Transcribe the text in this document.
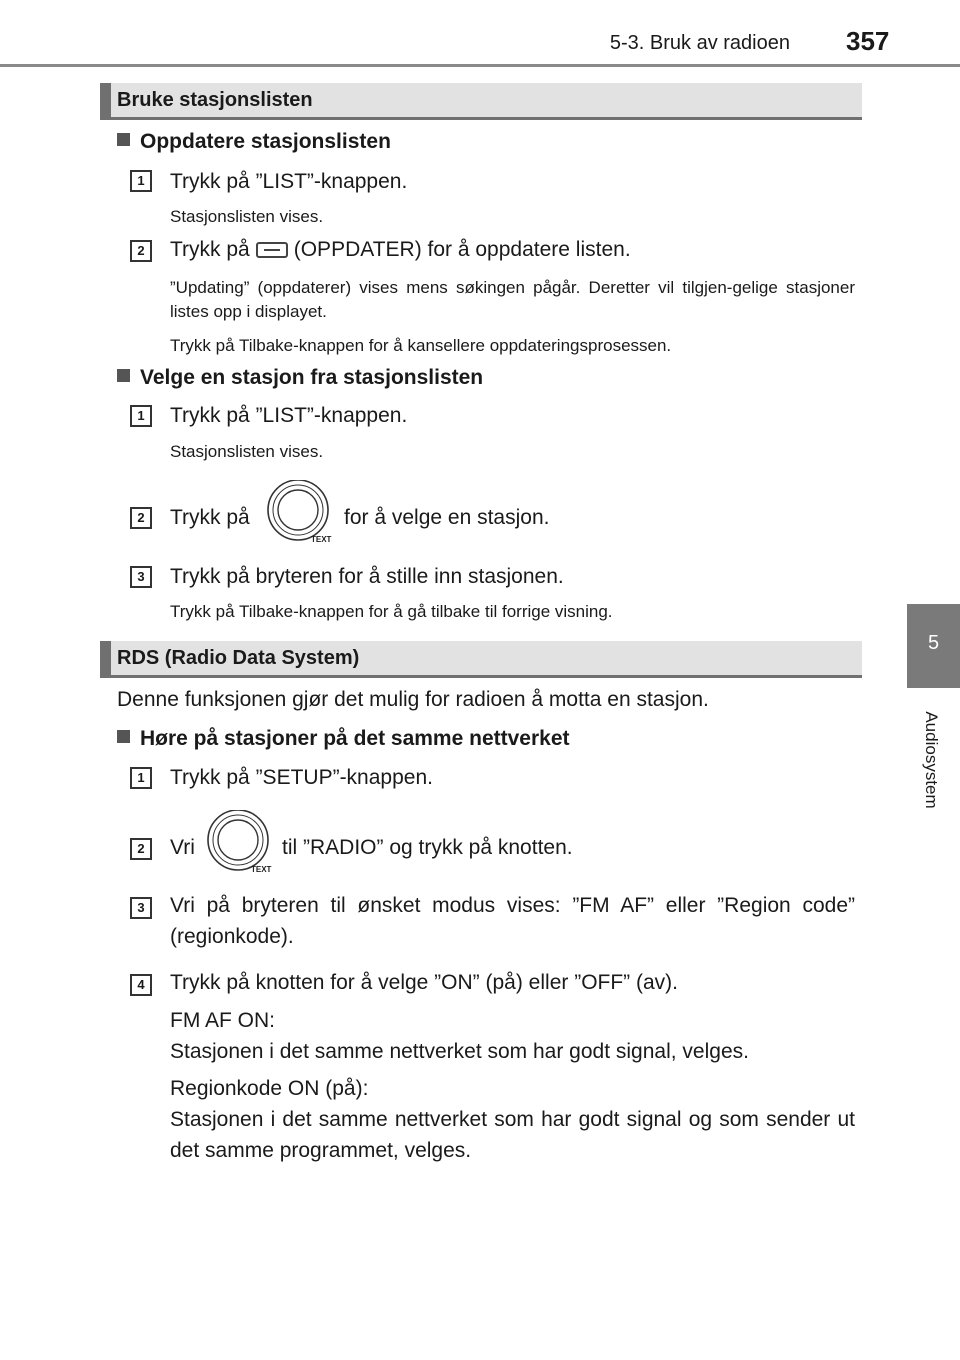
5-3. Bruk av radioen 357
5
Audiosystem
Bruke stasjonslisten
Oppdatere stasjonslisten
1	Trykk på ”LIST”-knappen.
Stasjonslisten vises.
2	Trykk på (OPPDATER) for å oppdatere listen.
”Updating” (oppdaterer) vises mens søkingen pågår. Deretter vil tilgjen-gelige stasjoner listes opp i displayet.
Trykk på Tilbake-knappen for å kansellere oppdateringsprosessen.
Velge en stasjon fra stasjonslisten
1	Trykk på ”LIST”-knappen.
Stasjonslisten vises.
2	Trykk på
TEXT
for å velge en stasjon.
3	Trykk på bryteren for å stille inn stasjonen.
Trykk på Tilbake-knappen for å gå tilbake til forrige visning.
RDS (Radio Data System)
Denne funksjonen gjør det mulig for radioen å motta en stasjon.
Høre på stasjoner på det samme nettverket
1	Trykk på ”SETUP”-knappen.
2	Vri
TEXT
til ”RADIO” og trykk på knotten.
3	Vri på bryteren til ønsket modus vises: ”FM AF” eller ”Region code” (regionkode).
4	Trykk på knotten for å velge ”ON” (på) eller ”OFF” (av).
FM AF ON:
Stasjonen i det samme nettverket som har godt signal, velges.
Regionkode ON (på):
Stasjonen i det samme nettverket som har godt signal og som sender ut det samme programmet, velges.
